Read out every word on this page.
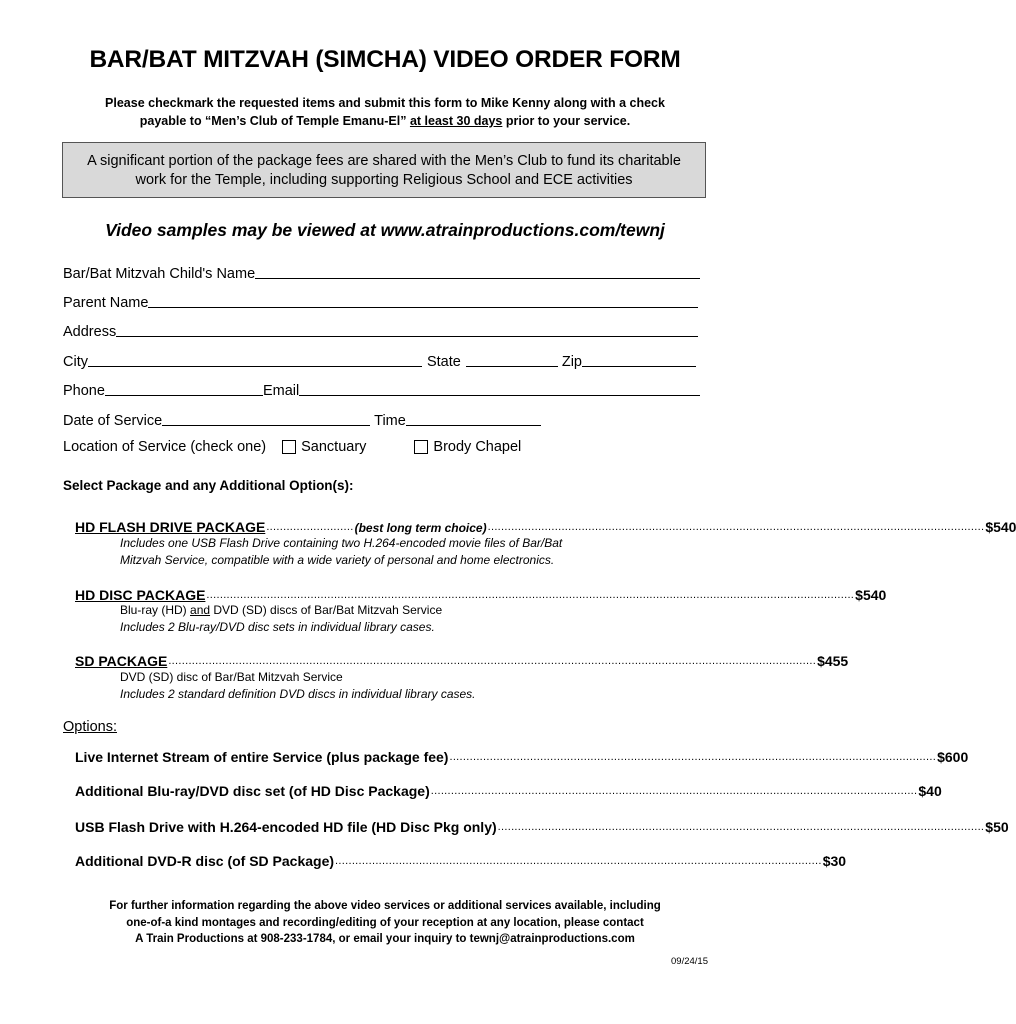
BAR/BAT MITZVAH (SIMCHA) VIDEO ORDER FORM
Please checkmark the requested items and submit this form to Mike Kenny along with a check
payable to “Men’s Club of Temple Emanu-El” at least 30 days prior to your service.
A significant portion of the package fees are shared with the Men’s Club to fund its charitable
work for the Temple, including supporting Religious School and ECE activities
Video samples may be viewed at www.atrainproductions.com/tewnj
Bar/Bat Mitzvah Child's Name
Parent Name
Address
City	State	Zip
Phone	Email
Date of Service	Time
Location of Service (check one) Sanctuary	Brody Chapel
Select Package and any Additional Option(s):
HD FLASH DRIVE PACKAGE .......................... (best long term choice) .................................................................................................................................................... $540
Includes one USB Flash Drive containing two H.264-encoded movie files of Bar/Bat
Mitzvah Service, compatible with a wide variety of personal and home electronics.
HD DISC PACKAGE ................................................................................................................................................................................................. $540
Blu-ray (HD) and DVD (SD) discs of Bar/Bat Mitzvah Service
Includes 2 Blu-ray/DVD disc sets in individual library cases.
SD PACKAGE ................................................................................................................................................................................................. $455
DVD (SD) disc of Bar/Bat Mitzvah Service
Includes 2 standard definition DVD discs in individual library cases.
Options:
Live Internet Stream of entire Service (plus package fee) ................................................................................................................................................. $600
Additional Blu-ray/DVD disc set (of HD Disc Package) ................................................................................................................................................. $40
USB Flash Drive with H.264-encoded HD file (HD Disc Pkg only) ................................................................................................................................................. $50
Additional DVD-R disc (of SD Package) ................................................................................................................................................. $30
For further information regarding the above video services or additional services available, including
one-of-a kind montages and recording/editing of your reception at any location, please contact
A Train Productions at 908-233-1784, or email your inquiry to tewnj@atrainproductions.com
09/24/15
